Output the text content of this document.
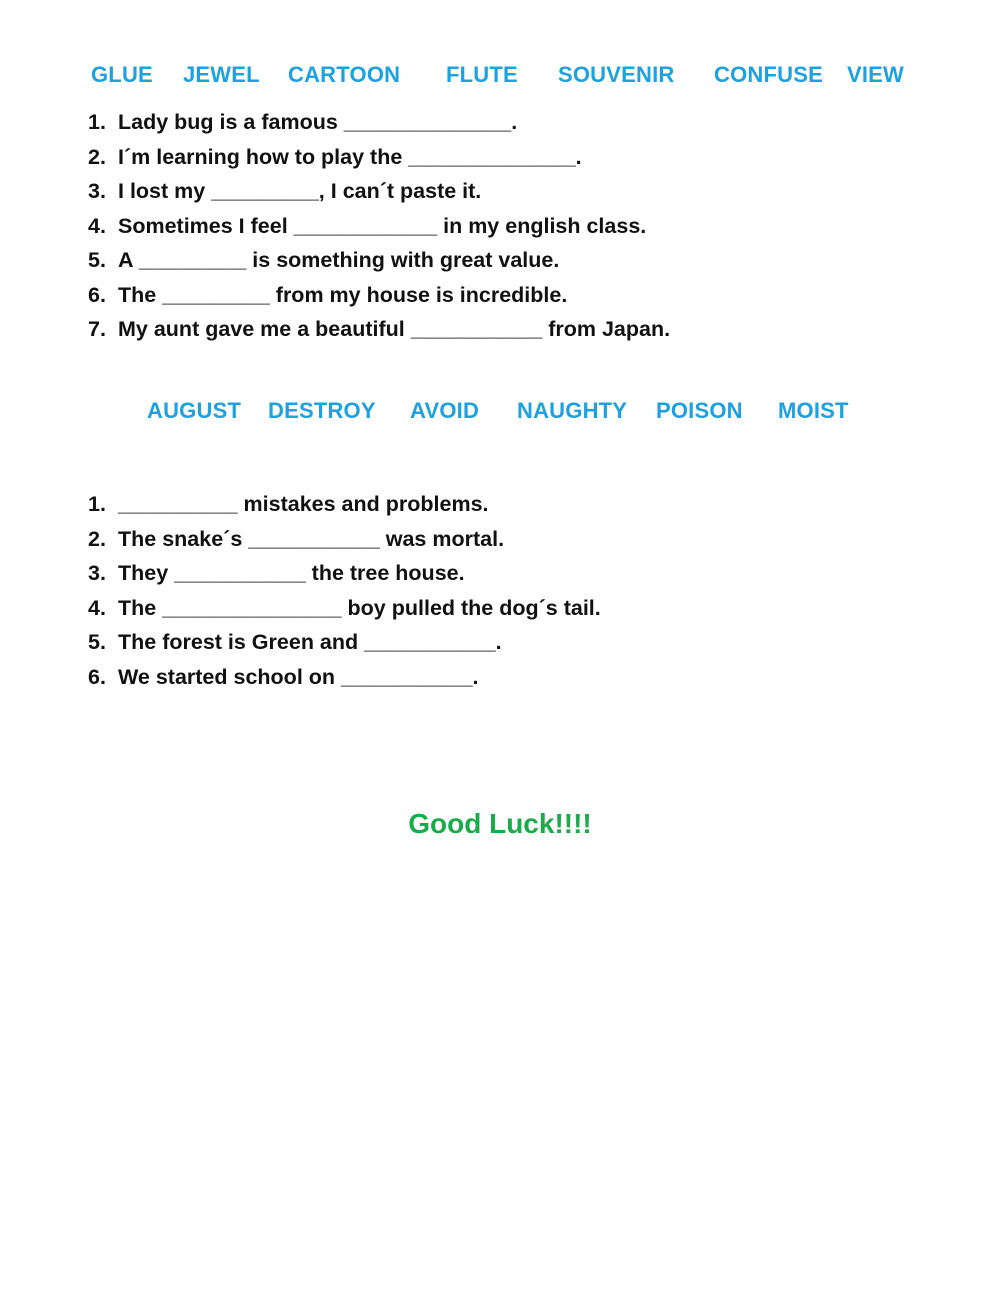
GLUE JEWEL CARTOON FLUTE SOUVENIR CONFUSE VIEW
1. Lady bug is a famous ______________.
2. I´m learning how to play the ______________.
3. I lost my _________, I can´t paste it.
4. Sometimes I feel ____________ in my english class.
5. A _________ is something with great value.
6. The _________ from my house is incredible.
7. My aunt gave me a beautiful ___________ from Japan.
AUGUST DESTROY AVOID NAUGHTY POISON MOIST
1. __________ mistakes and problems.
2. The snake´s ___________ was mortal.
3. They ___________ the tree house.
4. The _______________ boy pulled the dog´s tail.
5. The forest is Green and ___________.
6. We started school on ___________.
Good Luck!!!!
